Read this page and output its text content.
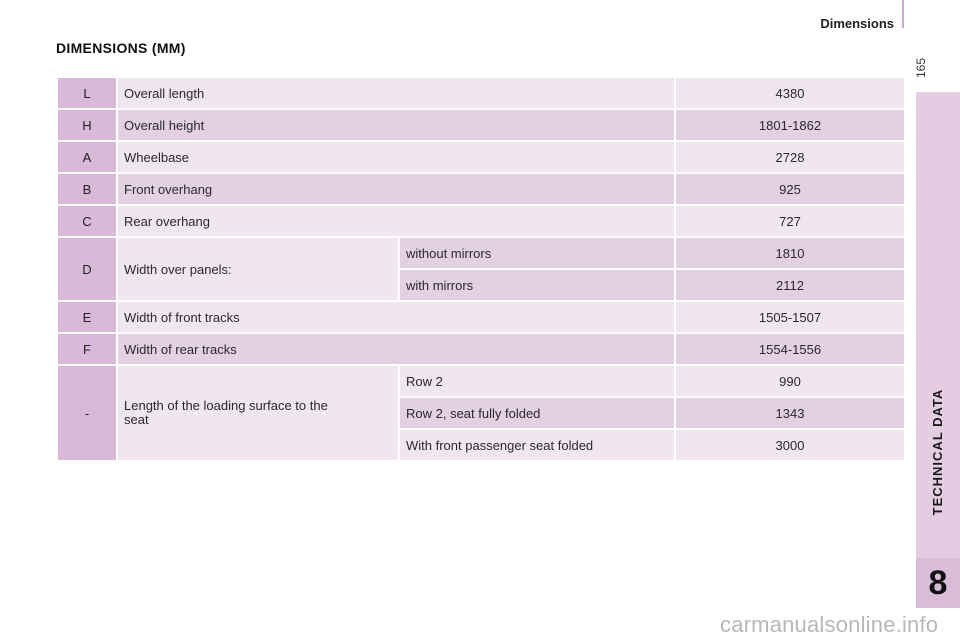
Dimensions
165
TECHNICAL DATA
8
DIMENSIONS (MM)
carmanualsonline.info
L	Overall length		4380
H	Overall height		1801-1862
A	Wheelbase		2728
B	Front overhang		925
C	Rear overhang		727
D	Width over panels:	without mirrors	1810
		with mirrors	2112
E	Width of front tracks		1505-1507
F	Width of rear tracks		1554-1556
-	Length of the loading surface to the seat	Row 2	990
		Row 2, seat fully folded	1343
		With front passenger seat folded	3000
